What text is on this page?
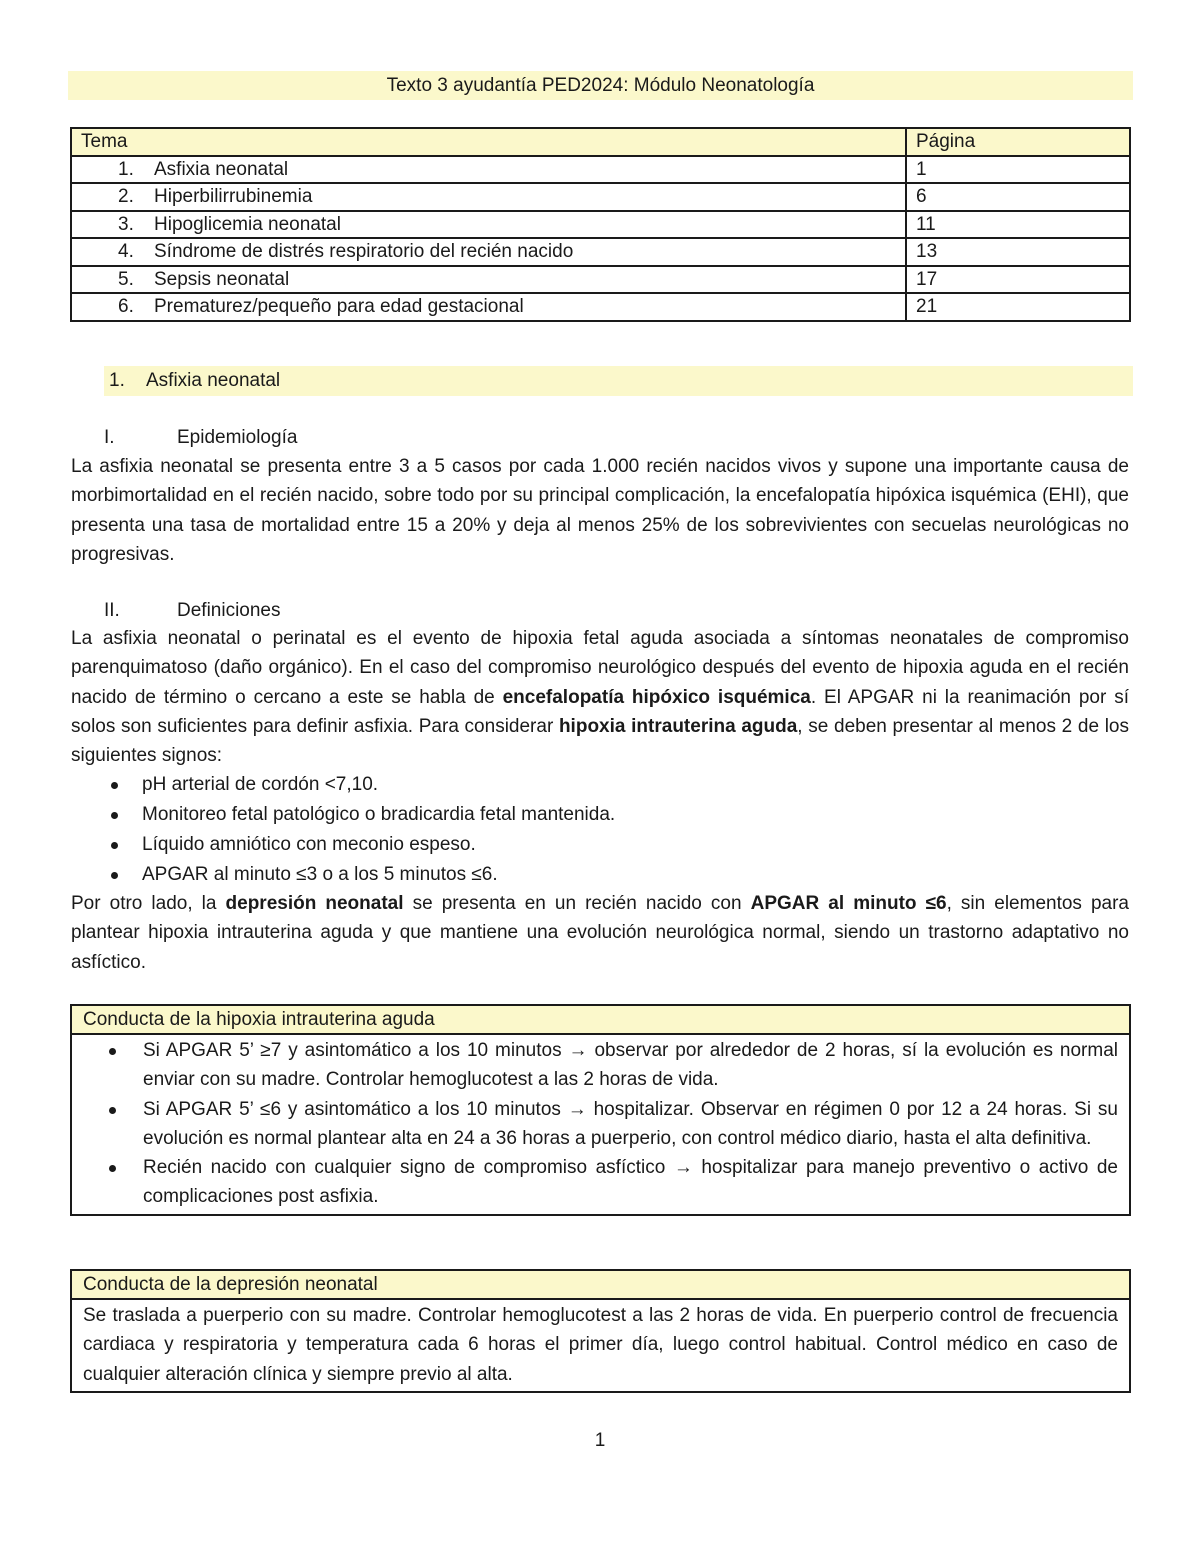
Texto 3 ayudantía PED2024: Módulo Neonatología
Tema	Página
1. Asfixia neonatal	1
2. Hiperbilirrubinemia	6
3. Hipoglicemia neonatal	11
4. Síndrome de distrés respiratorio del recién nacido	13
5. Sepsis neonatal	17
6. Prematurez/pequeño para edad gestacional	21
1. Asfixia neonatal
I.	Epidemiología

La asfixia neonatal se presenta entre 3 a 5 casos por cada 1.000 recién nacidos vivos y supone una importante causa de morbimortalidad en el recién nacido, sobre todo por su principal complicación, la encefalopatía hipóxica isquémica (EHI), que presenta una tasa de mortalidad entre 15 a 20% y deja al menos 25% de los sobrevivientes con secuelas neurológicas no progresivas.

II.	Definiciones

La asfixia neonatal o perinatal es el evento de hipoxia fetal aguda asociada a síntomas neonatales de compromiso parenquimatoso (daño orgánico). En el caso del compromiso neurológico después del evento de hipoxia aguda en el recién nacido de término o cercano a este se habla de encefalopatía hipóxico isquémica. El APGAR ni la reanimación por sí solos son suficientes para definir asfixia. Para considerar hipoxia intrauterina aguda, se deben presentar al menos 2 de los siguientes signos:

pH arterial de cordón <7,10.
Monitoreo fetal patológico o bradicardia fetal mantenida.
Líquido amniótico con meconio espeso.
APGAR al minuto ≤3 o a los 5 minutos ≤6.

Por otro lado, la depresión neonatal se presenta en un recién nacido con APGAR al minuto ≤6, sin elementos para plantear hipoxia intrauterina aguda y que mantiene una evolución neurológica normal, siendo un trastorno adaptativo no asfíctico.

Conducta de la hipoxia intrauterina aguda
Si APGAR 5’ ≥7 y asintomático a los 10 minutos → observar por alrededor de 2 horas, sí la evolución es normal enviar con su madre. Controlar hemoglucotest a las 2 horas de vida.
Si APGAR 5’ ≤6 y asintomático a los 10 minutos → hospitalizar. Observar en régimen 0 por 12 a 24 horas. Si su evolución es normal plantear alta en 24 a 36 horas a puerperio, con control médico diario, hasta el alta definitiva.
Recién nacido con cualquier signo de compromiso asfíctico → hospitalizar para manejo preventivo o activo de complicaciones post asfixia.
Conducta de la depresión neonatal
Se traslada a puerperio con su madre. Controlar hemoglucotest a las 2 horas de vida. En puerperio control de frecuencia cardiaca y respiratoria y temperatura cada 6 horas el primer día, luego control habitual. Control médico en caso de cualquier alteración clínica y siempre previo al alta.
1
